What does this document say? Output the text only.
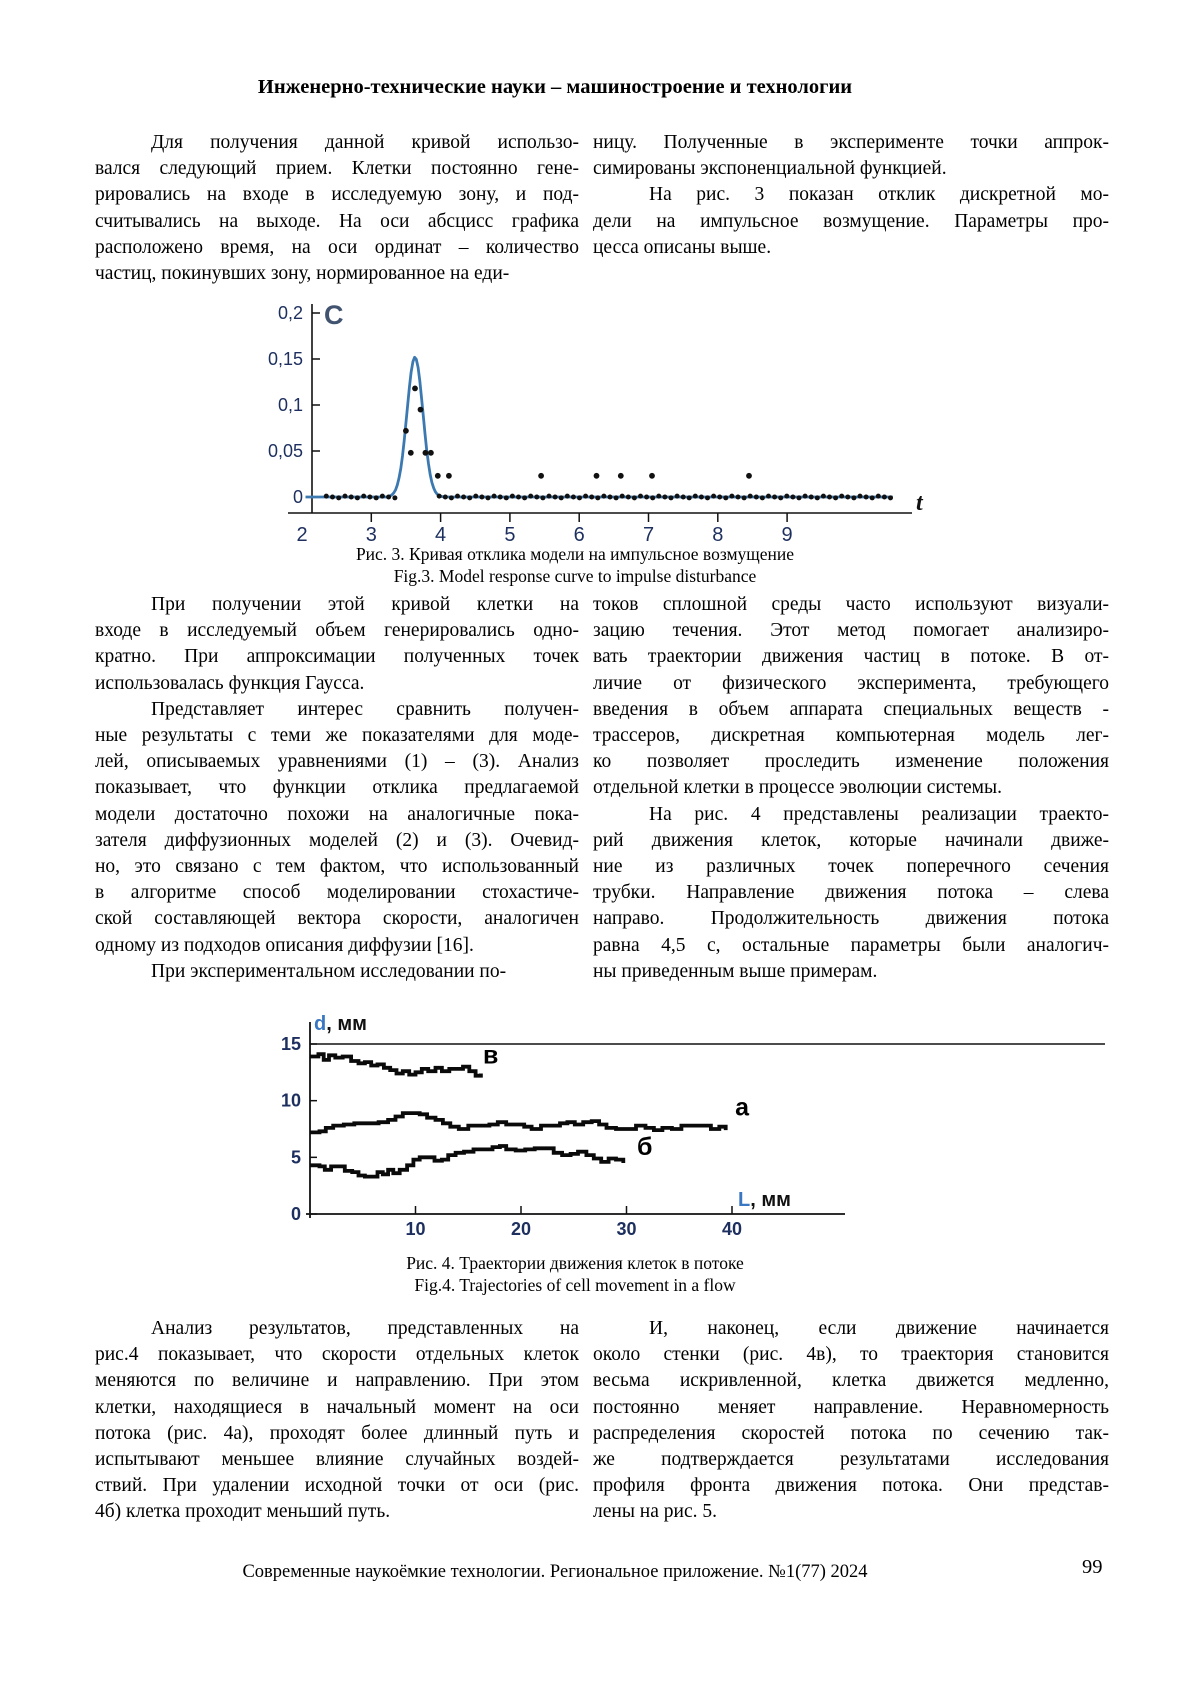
Инженерно-технические науки – машиностроение и технологии
Для получения данной кривой использо-
вался следующий прием. Клетки постоянно гене-
рировались на входе в исследуемую зону, и под-
считывались на выходе. На оси абсцисс графика
расположено время, на оси ординат – количество
частиц, покинувших зону, нормированное на еди-
ницу. Полученные в эксперименте точки аппрок-
симированы экспоненциальной функцией.
На рис. 3 показан отклик дискретной мо-
дели на импульсное возмущение. Параметры про-
цесса описаны выше.
0,2
0,15
0,1
0,05
0
2	3	4	5	6	7	8	9
C
t
Рис. 3. Кривая отклика модели на импульсное возмущение
Fig.3. Model response curve to impulse disturbance
При получении этой кривой клетки на
входе в исследуемый объем генерировались одно-
кратно. При аппроксимации полученных точек
использовалась функция Гаусса.
Представляет интерес сравнить получен-
ные результаты с теми же показателями для моде-
лей, описываемых уравнениями (1) – (3). Анализ
показывает, что функции отклика предлагаемой
модели достаточно похожи на аналогичные пока-
зателя диффузионных моделей (2) и (3). Очевид-
но, это связано с тем фактом, что использованный
в алгоритме способ моделировании стохастиче-
ской составляющей вектора скорости, аналогичен
одному из подходов описания диффузии [16].
При экспериментальном исследовании по-
токов сплошной среды часто используют визуали-
зацию течения. Этот метод помогает анализиро-
вать траектории движения частиц в потоке. В от-
личие от физического эксперимента, требующего
введения в объем аппарата специальных веществ -
трассеров, дискретная компьютерная модель лег-
ко позволяет проследить изменение положения
отдельной клетки в процессе эволюции системы.
На рис. 4 представлены реализации траекто-
рий движения клеток, которые начинали движе-
ние из различных точек поперечного сечения
трубки. Направление движения потока – слева
направо. Продолжительность движения потока
равна 4,5 с, остальные параметры были аналогич-
ны приведенным выше примерам.
0
5
10
15
10	20	30	40
в
а
б
d, мм
L, мм
Рис. 4. Траектории движения клеток в потоке
Fig.4. Trajectories of cell movement in a flow
Анализ результатов, представленных на
рис.4 показывает, что скорости отдельных клеток
меняются по величине и направлению. При этом
клетки, находящиеся в начальный момент на оси
потока (рис. 4а), проходят более длинный путь и
испытывают меньшее влияние случайных воздей-
ствий. При удалении исходной точки от оси (рис.
4б) клетка проходит меньший путь.
И, наконец, если движение начинается
около стенки (рис. 4в), то траектория становится
весьма искривленной, клетка движется медленно,
постоянно меняет направление. Неравномерность
распределения скоростей потока по сечению так-
же подтверждается результатами исследования
профиля фронта движения потока. Они представ-
лены на рис. 5.
Современные наукоёмкие технологии. Региональное приложение. №1(77) 2024	99
